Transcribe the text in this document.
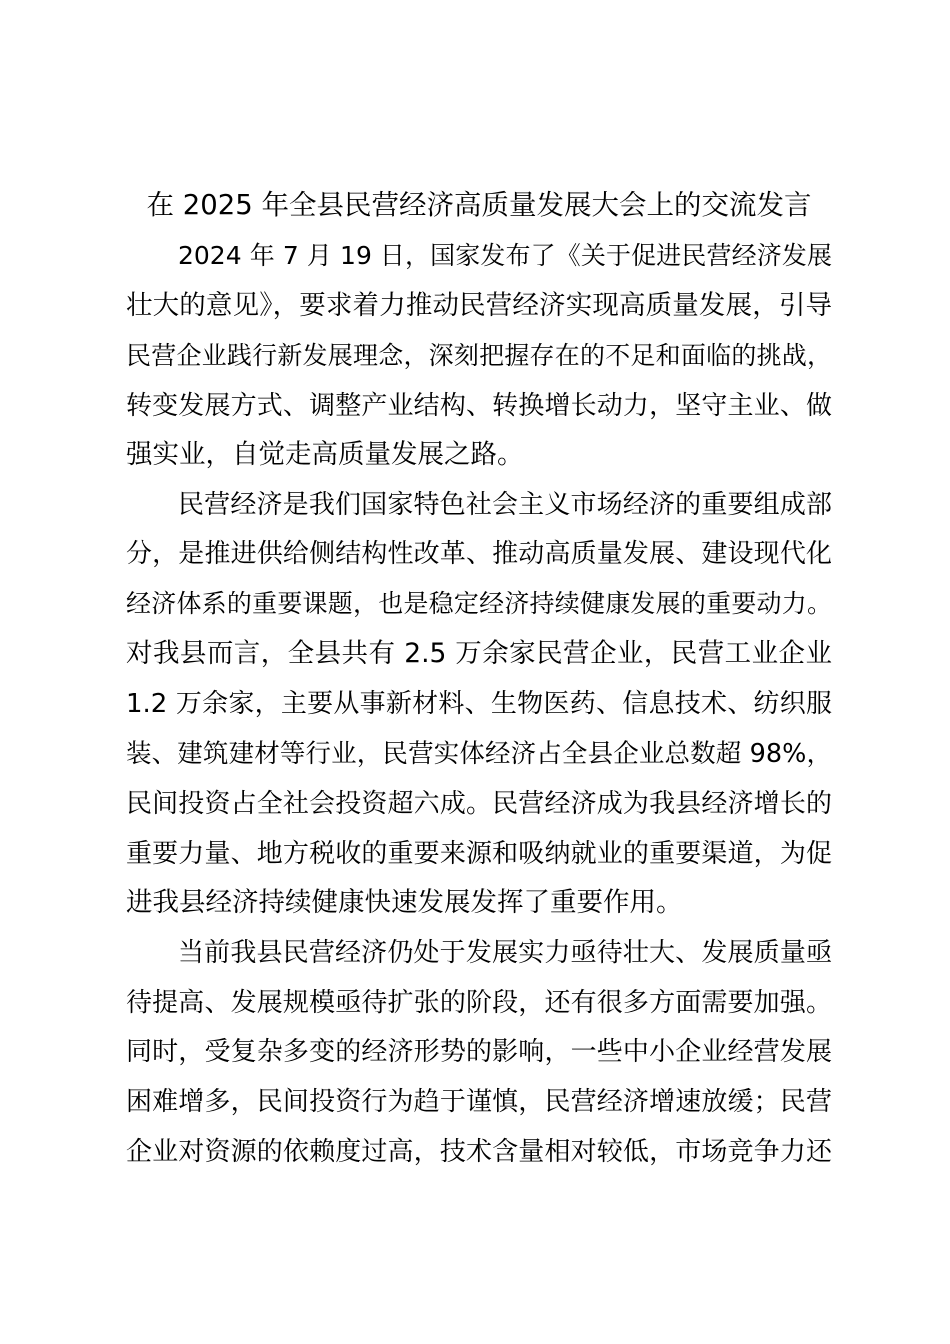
在 2025 年全县民营经济高质量发展大会上的交流发言

2024 年 7 月 19 日，国家发布了《关于促进民营经济发展

壮大的意见》，要求着力推动民营经济实现高质量发展，引导

民营企业践行新发展理念，深刻把握存在的不足和面临的挑战，

转变发展方式、调整产业结构、转换增长动力，坚守主业、做

强实业，自觉走高质量发展之路。

民营经济是我们国家特色社会主义市场经济的重要组成部

分，是推进供给侧结构性改革、推动高质量发展、建设现代化

经济体系的重要课题，也是稳定经济持续健康发展的重要动力。

对我县而言，全县共有 2.5 万余家民营企业，民营工业企业

1.2 万余家，主要从事新材料、生物医药、信息技术、纺织服

装、建筑建材等行业，民营实体经济占全县企业总数超 98%，

民间投资占全社会投资超六成。民营经济成为我县经济增长的

重要力量、地方税收的重要来源和吸纳就业的重要渠道，为促

进我县经济持续健康快速发展发挥了重要作用。

当前我县民营经济仍处于发展实力亟待壮大、发展质量亟

待提高、发展规模亟待扩张的阶段，还有很多方面需要加强。

同时，受复杂多变的经济形势的影响，一些中小企业经营发展

困难增多，民间投资行为趋于谨慎，民营经济增速放缓；民营

企业对资源的依赖度过高，技术含量相对较低，市场竞争力还
